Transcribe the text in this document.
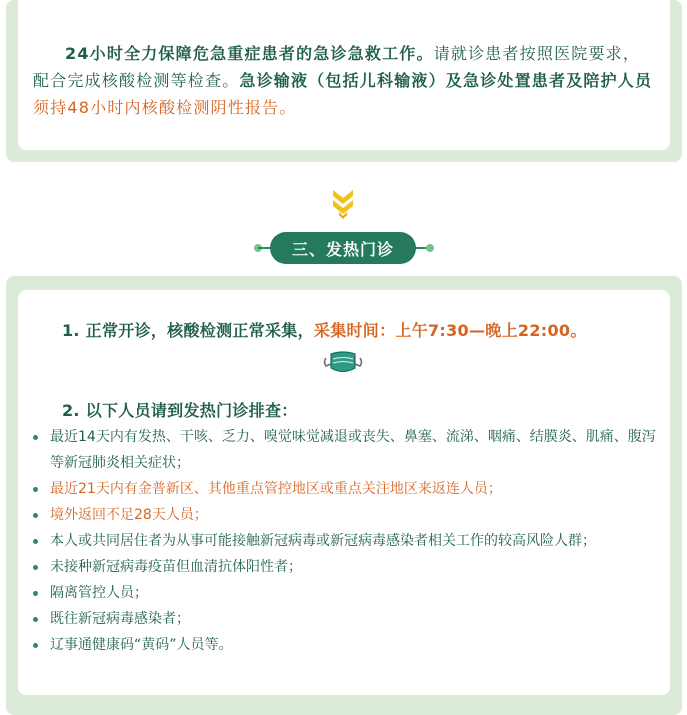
24小时全力保障危急重症患者的急诊急救工作。请就诊患者按照医院要求，配合完成核酸检测等检查。急诊输液（包括儿科输液）及急诊处置患者及陪护人员须持48小时内核酸检测阴性报告。

三、发热门诊

1. 正常开诊，核酸检测正常采集，采集时间：上午7:30—晚上22:00。

2. 以下人员请到发热门诊排查：

最近14天内有发热、干咳、乏力、嗅觉味觉减退或丧失、鼻塞、流涕、咽痛、结膜炎、肌痛、腹泻等新冠肺炎相关症状；
最近21天内有金普新区、其他重点管控地区或重点关注地区来返连人员；
境外返回不足28天人员；
本人或共同居住者为从事可能接触新冠病毒或新冠病毒感染者相关工作的较高风险人群；
未接种新冠病毒疫苗但血清抗体阳性者；
隔离管控人员；
既往新冠病毒感染者；
辽事通健康码“黄码”人员等。
